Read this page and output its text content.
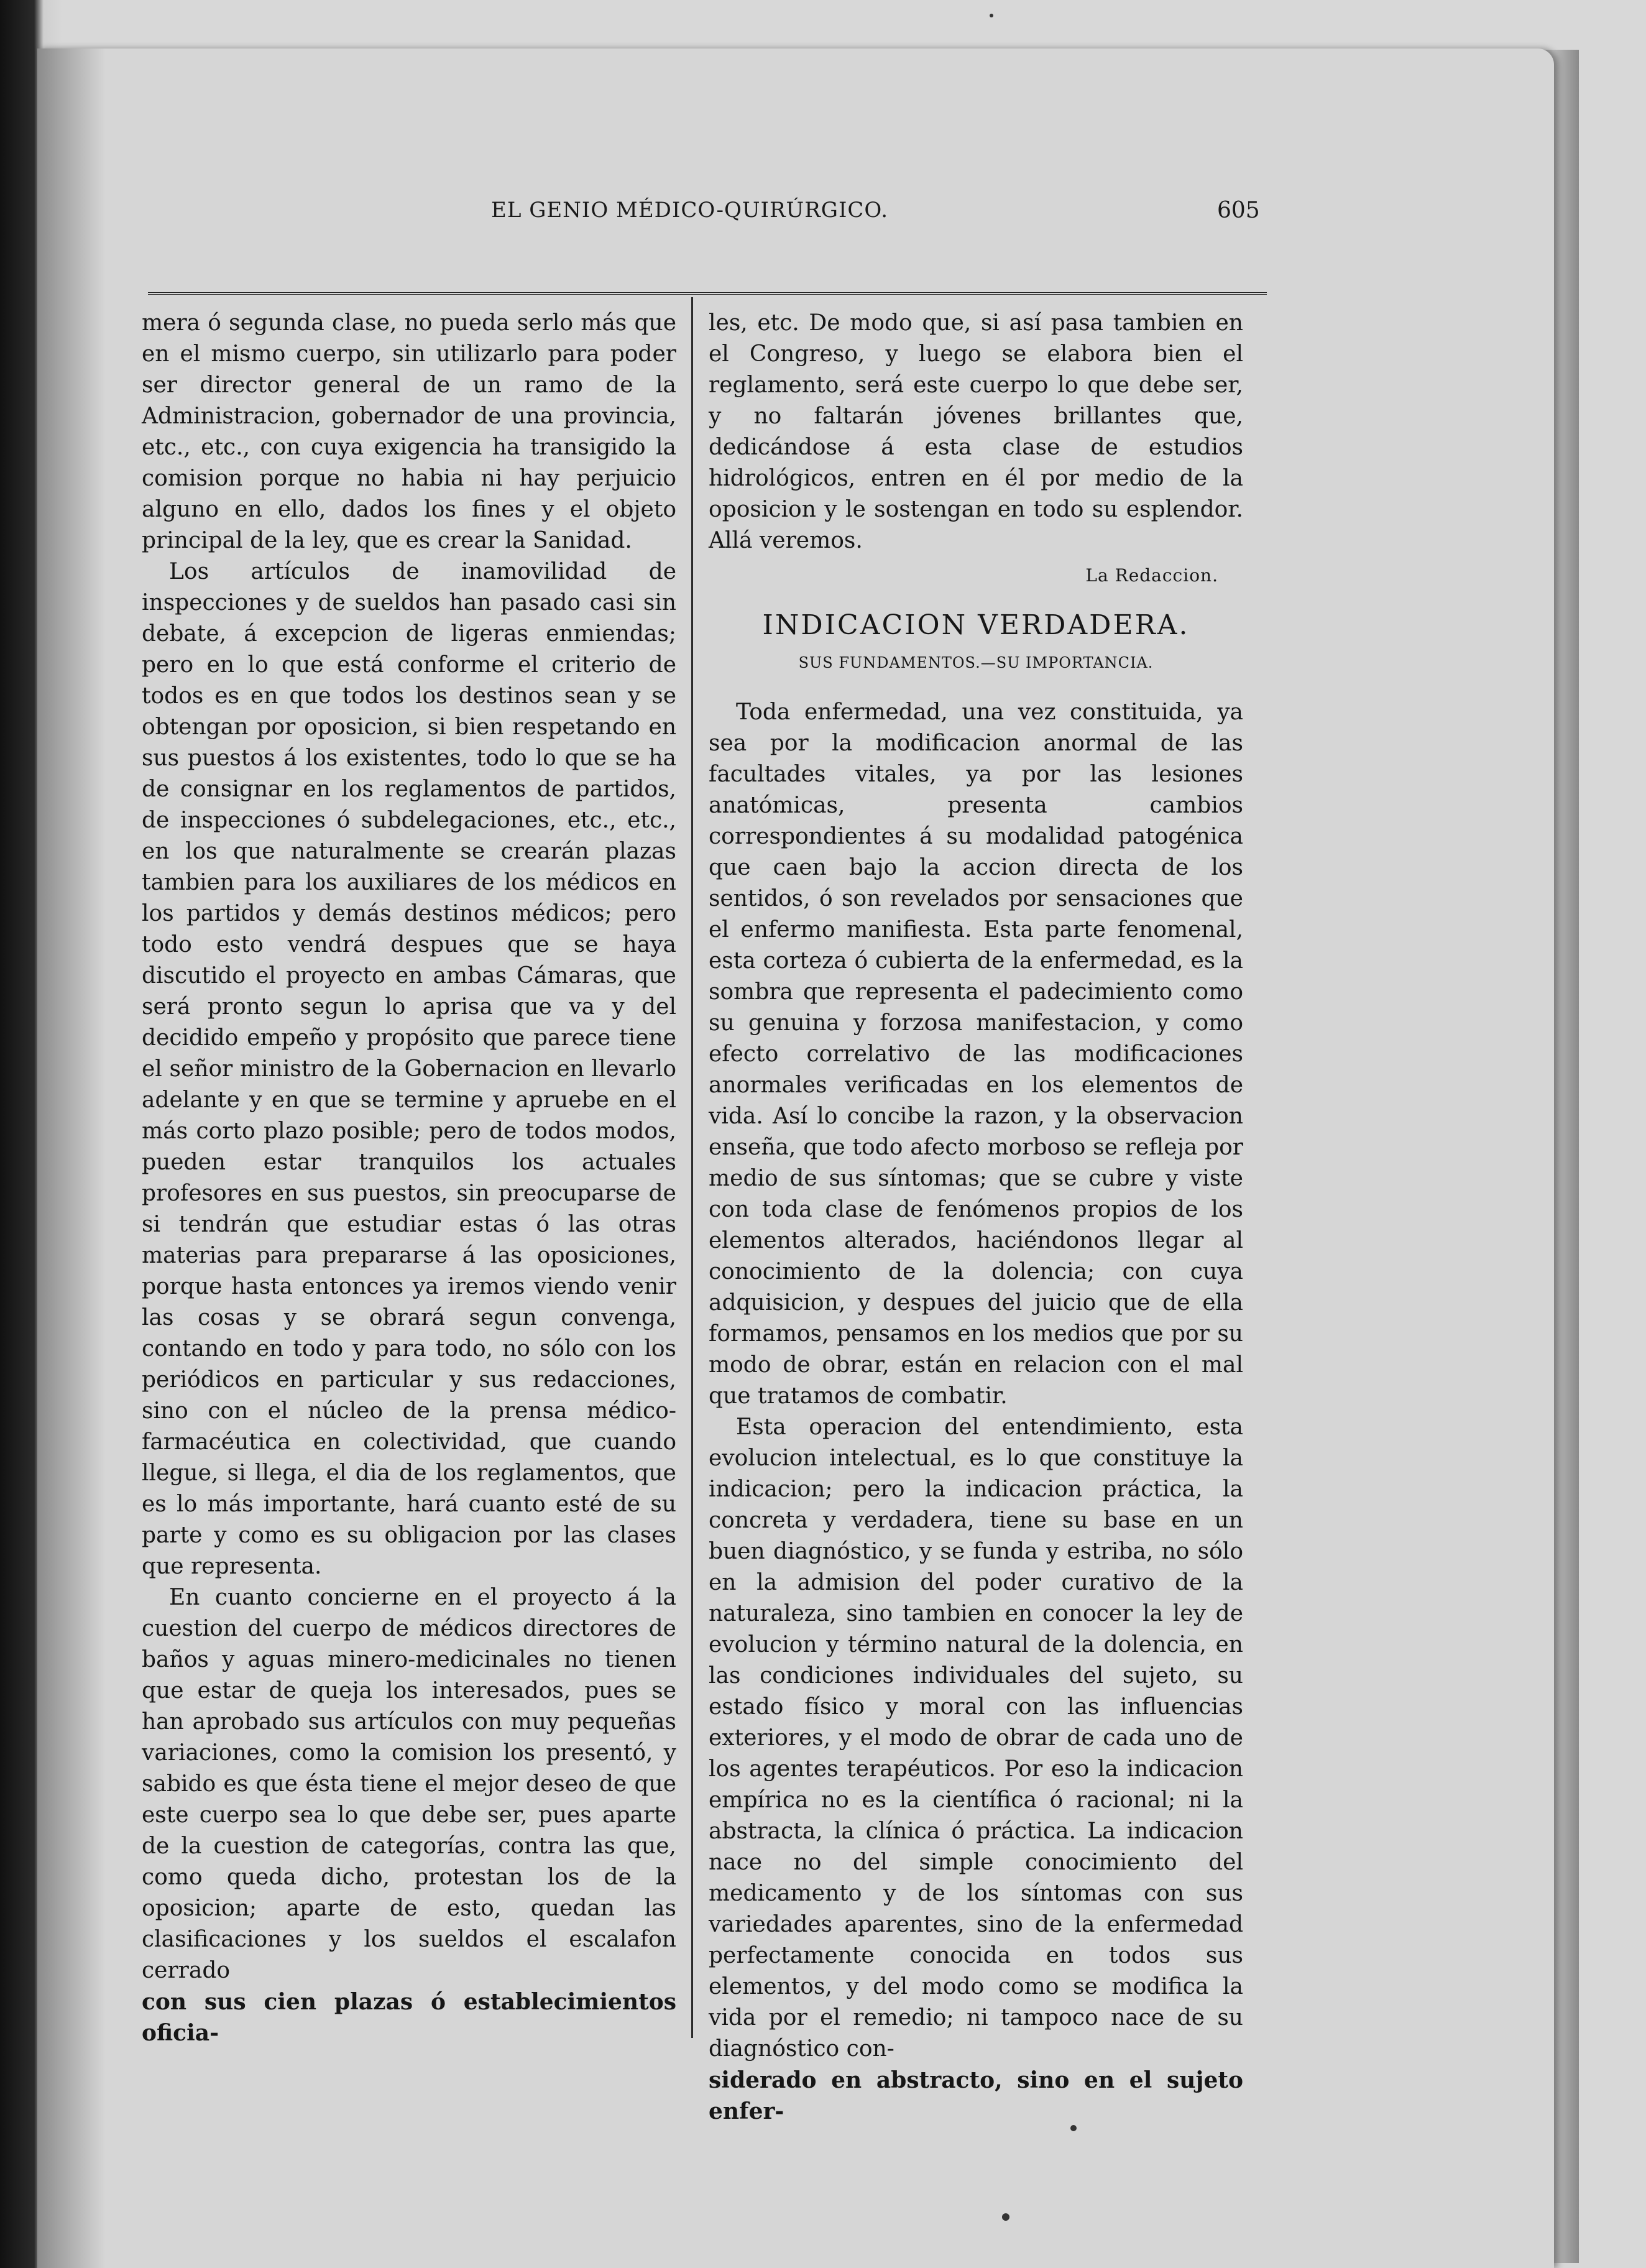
EL GENIO MÉDICO-QUIRÚRGICO.	605

mera ó segunda clase, no pueda serlo más que en el mismo cuerpo, sin utilizarlo para poder ser director general de un ramo de la Administracion, gobernador de una provincia, etc., etc., con cuya exigencia ha transigido la comision porque no habia ni hay perjuicio alguno en ello, dados los fines y el objeto principal de la ley, que es crear la Sanidad.

Los artículos de inamovilidad de inspecciones y de sueldos han pasado casi sin debate, á excepcion de ligeras enmiendas; pero en lo que está conforme el criterio de todos es en que todos los destinos sean y se obtengan por oposicion, si bien respetando en sus puestos á los existentes, todo lo que se ha de consignar en los reglamentos de partidos, de inspecciones ó subdelegaciones, etc., etc., en los que naturalmente se crearán plazas tambien para los auxiliares de los médicos en los partidos y demás destinos médicos; pero todo esto vendrá despues que se haya discutido el proyecto en ambas Cámaras, que será pronto segun lo aprisa que va y del decidido empeño y propósito que parece tiene el señor ministro de la Gobernacion en llevarlo adelante y en que se termine y apruebe en el más corto plazo posible; pero de todos modos, pueden estar tranquilos los actuales profesores en sus puestos, sin preocuparse de si tendrán que estudiar estas ó las otras materias para prepararse á las oposiciones, porque hasta entonces ya iremos viendo venir las cosas y se obrará segun convenga, contando en todo y para todo, no sólo con los periódicos en particular y sus redacciones, sino con el núcleo de la prensa médico-farmacéutica en colectividad, que cuando llegue, si llega, el dia de los reglamentos, que es lo más importante, hará cuanto esté de su parte y como es su obligacion por las clases que representa.

En cuanto concierne en el proyecto á la cuestion del cuerpo de médicos directores de baños y aguas minero-medicinales no tienen que estar de queja los interesados, pues se han aprobado sus artículos con muy pequeñas variaciones, como la comision los presentó, y sabido es que ésta tiene el mejor deseo de que este cuerpo sea lo que debe ser, pues aparte de la cuestion de categorías, contra las que, como queda dicho, protestan los de la oposicion; aparte de esto, quedan las clasificaciones y los sueldos el escalafon cerrado

con sus cien plazas ó establecimientos oficia-

les, etc. De modo que, si así pasa tambien en el Congreso, y luego se elabora bien el reglamento, será este cuerpo lo que debe ser, y no faltarán jóvenes brillantes que, dedicándose á esta clase de estudios hidrológicos, entren en él por medio de la oposicion y le sostengan en todo su esplendor. Allá veremos.

La Redaccion.
INDICACION VERDADERA.
SUS FUNDAMENTOS.—SU IMPORTANCIA.

Toda enfermedad, una vez constituida, ya sea por la modificacion anormal de las facultades vitales, ya por las lesiones anatómicas, presenta cambios correspondientes á su modalidad patogénica que caen bajo la accion directa de los sentidos, ó son revelados por sensaciones que el enfermo manifiesta. Esta parte fenomenal, esta corteza ó cubierta de la enfermedad, es la sombra que representa el padecimiento como su genuina y forzosa manifestacion, y como efecto correlativo de las modificaciones anormales verificadas en los elementos de vida. Así lo concibe la razon, y la observacion enseña, que todo afecto morboso se refleja por medio de sus síntomas; que se cubre y viste con toda clase de fenómenos propios de los elementos alterados, haciéndonos llegar al conocimiento de la dolencia; con cuya adquisicion, y despues del juicio que de ella formamos, pensamos en los medios que por su modo de obrar, están en relacion con el mal que tratamos de combatir.

Esta operacion del entendimiento, esta evolucion intelectual, es lo que constituye la indicacion; pero la indicacion práctica, la concreta y verdadera, tiene su base en un buen diagnóstico, y se funda y estriba, no sólo en la admision del poder curativo de la naturaleza, sino tambien en conocer la ley de evolucion y término natural de la dolencia, en las condiciones individuales del sujeto, su estado físico y moral con las influencias exteriores, y el modo de obrar de cada uno de los agentes terapéuticos. Por eso la indicacion empírica no es la científica ó racional; ni la abstracta, la clínica ó práctica. La indicacion nace no del simple conocimiento del medicamento y de los síntomas con sus variedades aparentes, sino de la enfermedad perfectamente conocida en todos sus elementos, y del modo como se modifica la vida por el remedio; ni tampoco nace de su diagnóstico con-

siderado en abstracto, sino en el sujeto enfer-
